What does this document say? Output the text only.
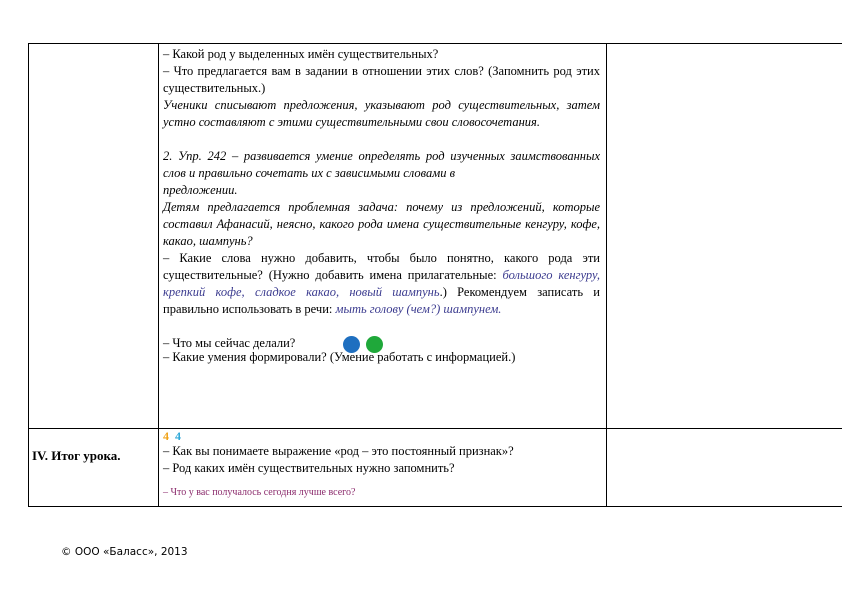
– Какой род у выделенных имён существительных?

– Что предлагается вам в задании в отношении этих слов? (Запомнить род этих существительных.)

Ученики списывают предложения, указывают род существительных, затем устно составляют с этими существительными свои словосочетания.

2. Упр. 242 – развивается умение определять род изученных заимствованных слов и правильно сочетать их с зависимыми словами в

предложении.

Детям предлагается проблемная задача: почему из предложений, которые составил Афанасий, неясно, какого рода имена существительные кенгуру, кофе, какао, шампунь?

– Какие слова нужно добавить, чтобы было понятно, какого рода эти существительные? (Нужно добавить имена прилагательные: большого кенгуру, крепкий кофе, сладкое какао, новый шампунь.) Рекомендуем записать и правильно использовать в речи: мыть голову (чем?) шампунем.

– Что мы сейчас делали?

– Какие умения формировали? (Умение работать с информацией.)

IV. Итог урока.
4 4

– Как вы понимаете выражение «род – это постоянный признак»?

– Род каких имён существительных нужно запомнить?

– Что у вас получалось сегодня лучше всего?

© ООО «Баласс», 2013
